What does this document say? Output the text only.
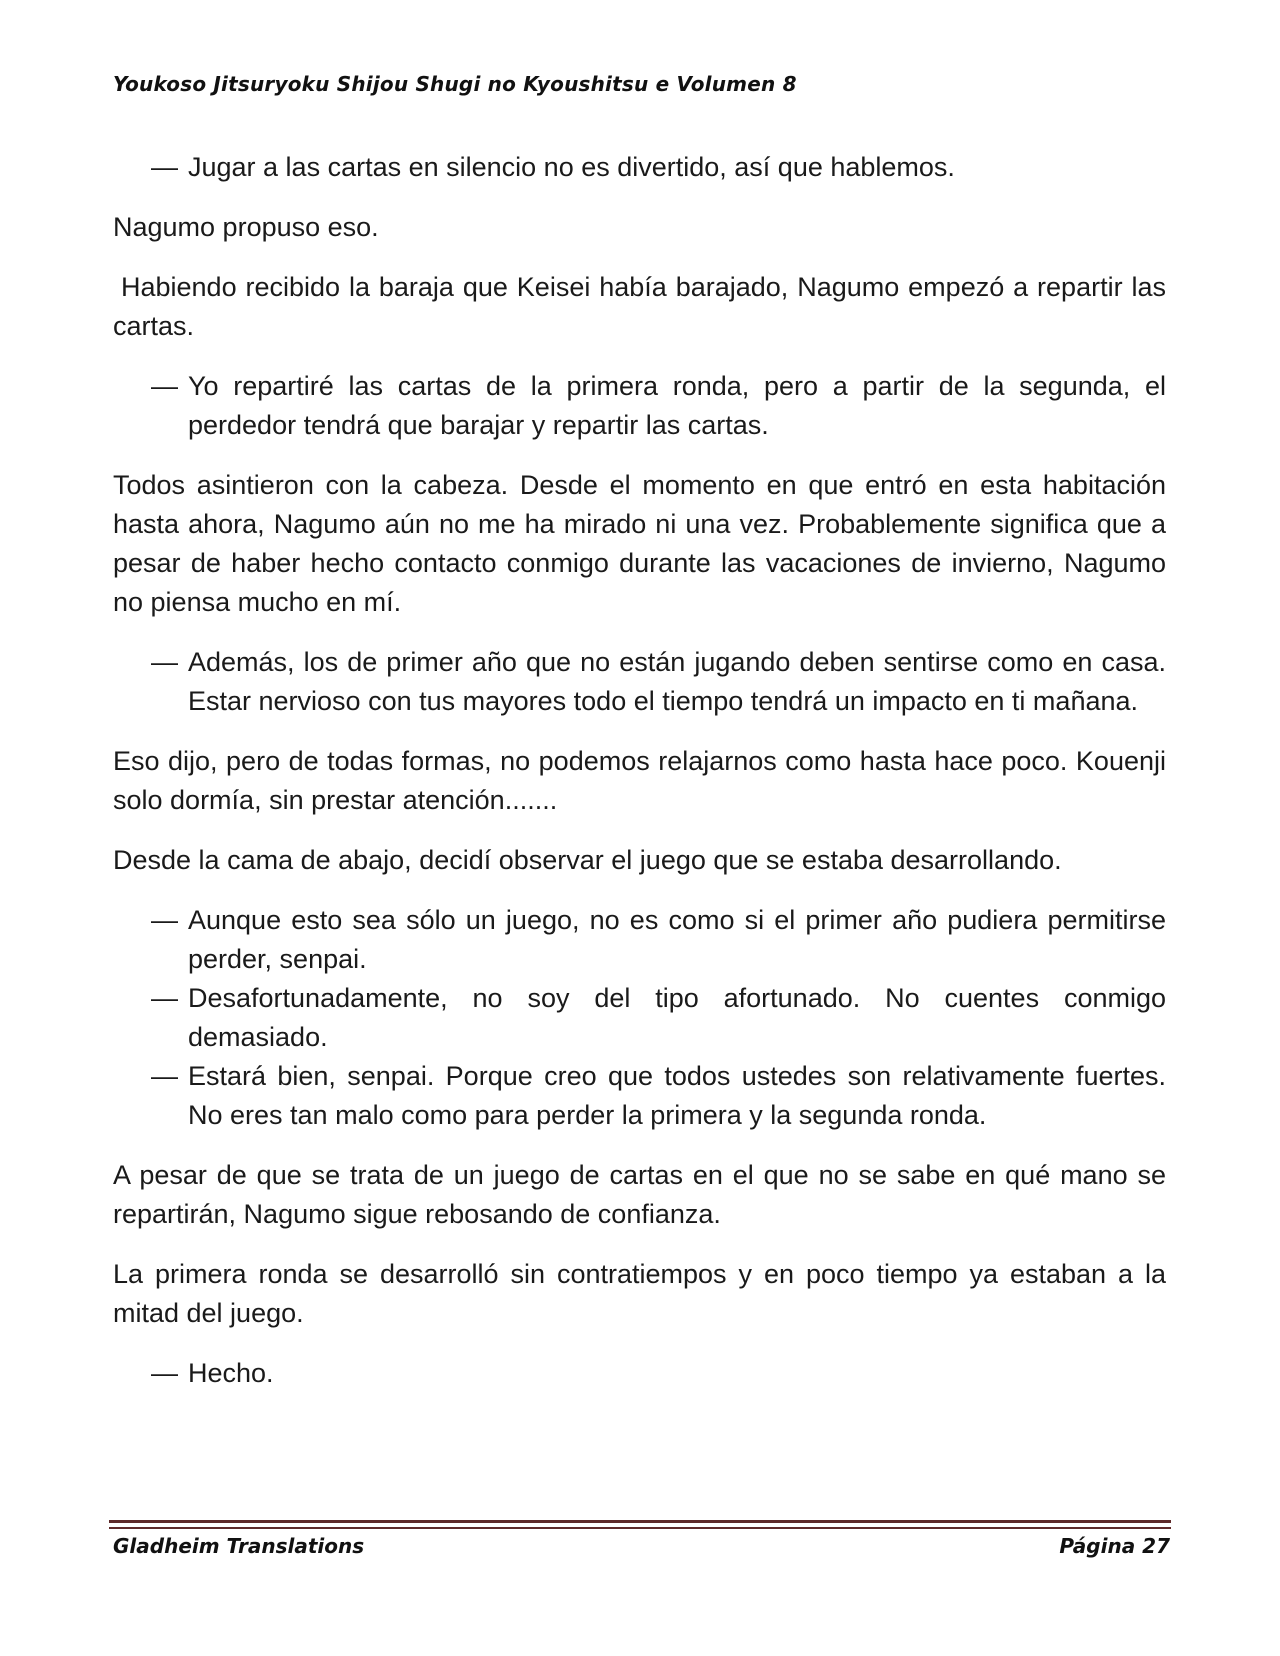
Youkoso Jitsuryoku Shijou Shugi no Kyoushitsu e Volumen 8

— Jugar a las cartas en silencio no es divertido, así que hablemos.

Nagumo propuso eso.

Habiendo recibido la baraja que Keisei había barajado, Nagumo empezó a repartir las cartas.

— Yo repartiré las cartas de la primera ronda, pero a partir de la segunda, el perdedor tendrá que barajar y repartir las cartas.

Todos asintieron con la cabeza. Desde el momento en que entró en esta habitación hasta ahora, Nagumo aún no me ha mirado ni una vez. Probablemente significa que a pesar de haber hecho contacto conmigo durante las vacaciones de invierno, Nagumo no piensa mucho en mí.

— Además, los de primer año que no están jugando deben sentirse como en casa. Estar nervioso con tus mayores todo el tiempo tendrá un impacto en ti mañana.

Eso dijo, pero de todas formas, no podemos relajarnos como hasta hace poco. Kouenji solo dormía, sin prestar atención.......

Desde la cama de abajo, decidí observar el juego que se estaba desarrollando.

— Aunque esto sea sólo un juego, no es como si el primer año pudiera permitirse perder, senpai.

— Desafortunadamente, no soy del tipo afortunado. No cuentes conmigo demasiado.

— Estará bien, senpai. Porque creo que todos ustedes son relativamente fuertes. No eres tan malo como para perder la primera y la segunda ronda.

A pesar de que se trata de un juego de cartas en el que no se sabe en qué mano se repartirán, Nagumo sigue rebosando de confianza.

La primera ronda se desarrolló sin contratiempos y en poco tiempo ya estaban a la mitad del juego.

— Hecho.

Gladheim Translations	Página 27
